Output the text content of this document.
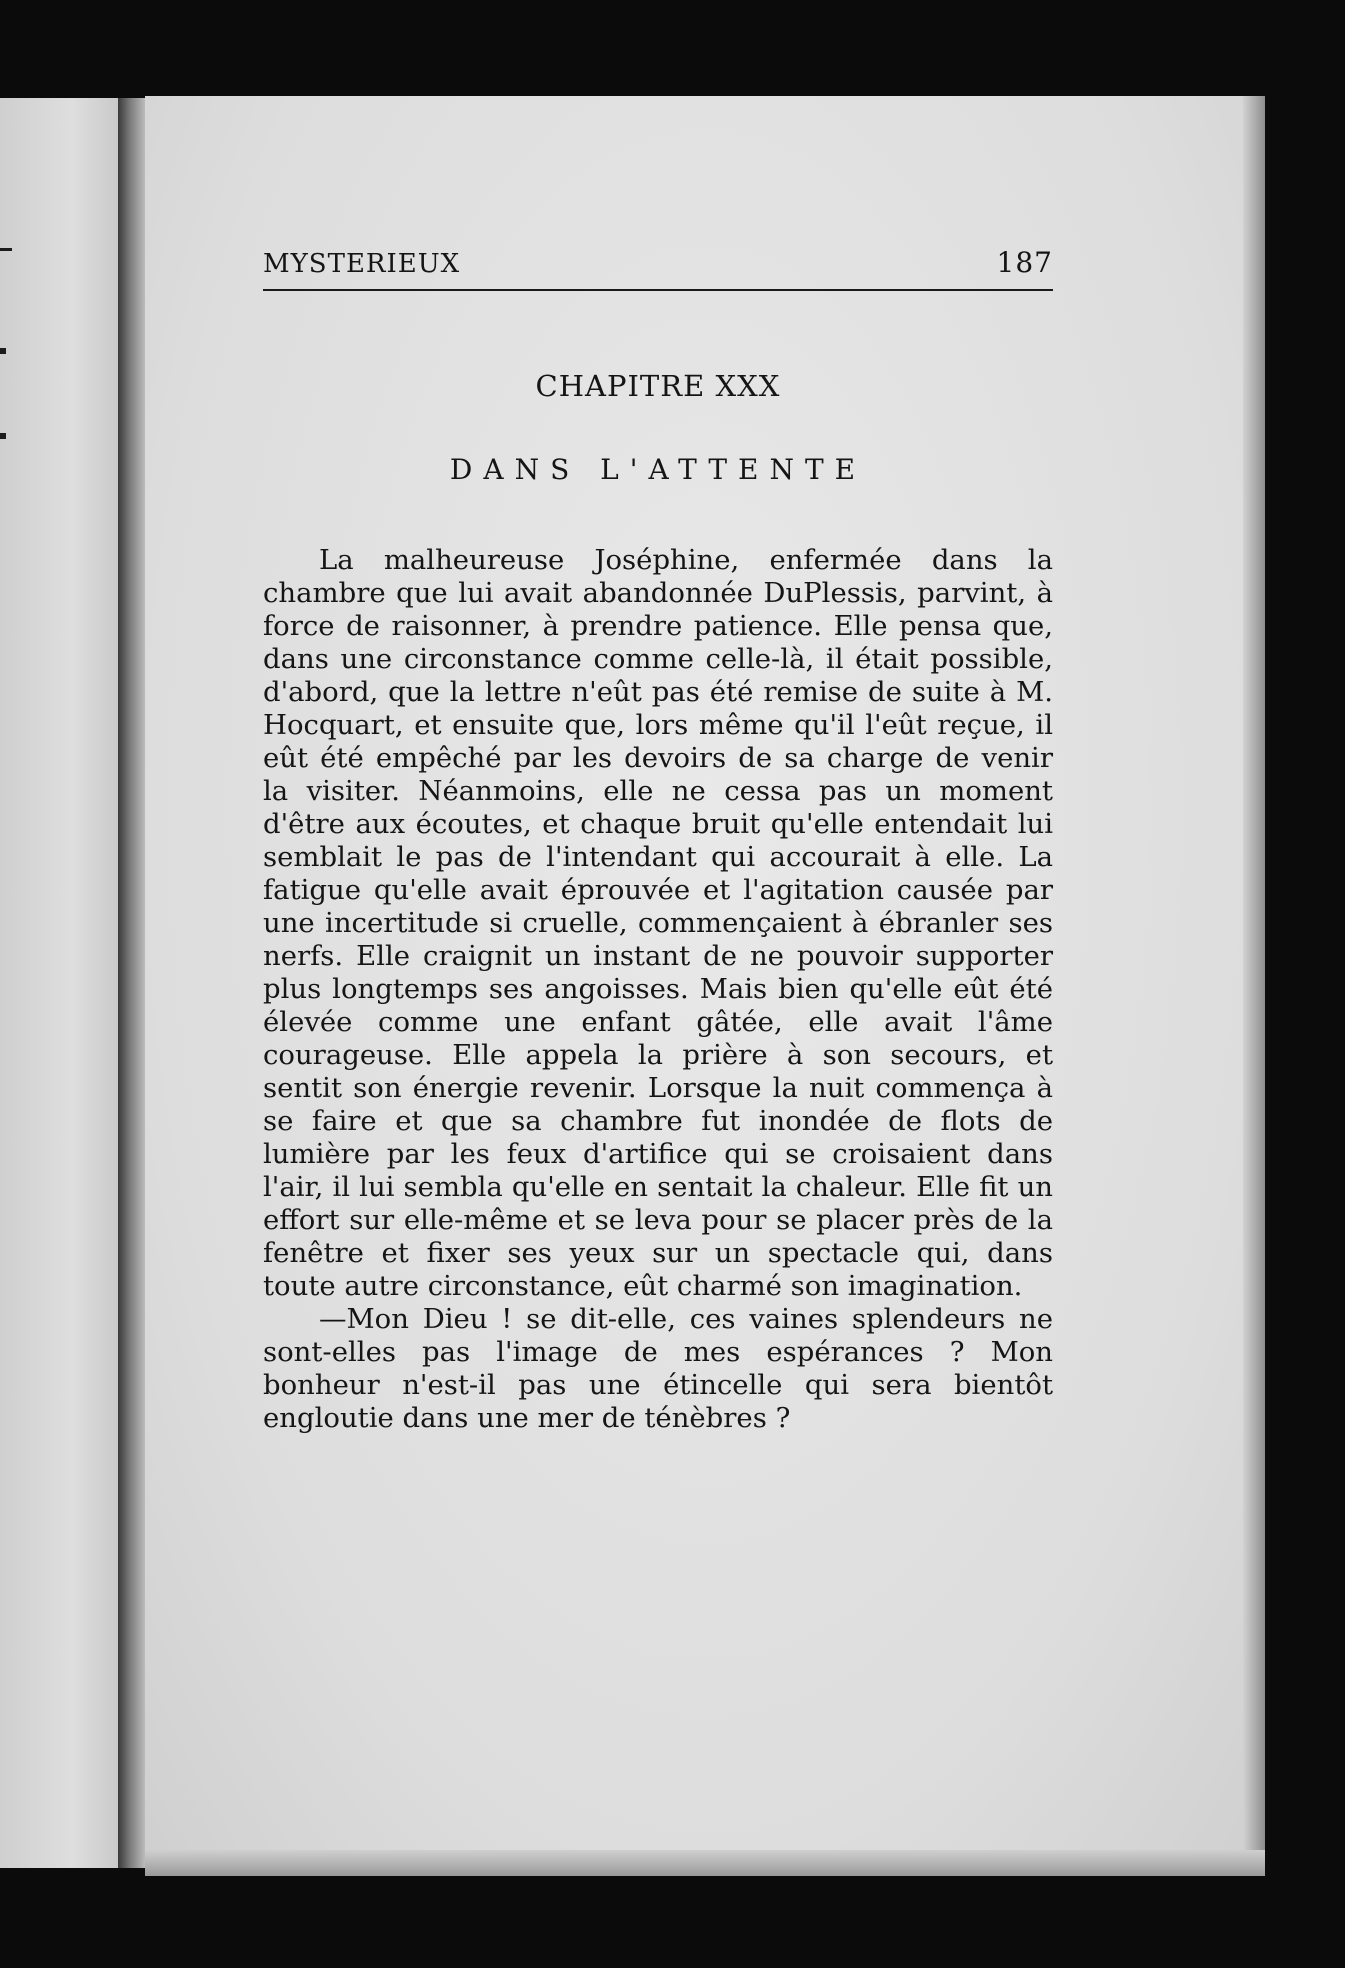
MYSTERIEUX	187
CHAPITRE XXX
DANS L'ATTENTE

La malheureuse Joséphine, enfermée dans la chambre que lui avait abandonnée DuPlessis, parvint, à force de raisonner, à prendre patience. Elle pensa que, dans une circonstance comme celle-là, il était possible, d'abord, que la lettre n'eût pas été remise de suite à M. Hocquart, et ensuite que, lors même qu'il l'eût reçue, il eût été empêché par les devoirs de sa charge de venir la visiter. Néanmoins, elle ne cessa pas un moment d'être aux écoutes, et chaque bruit qu'elle entendait lui semblait le pas de l'intendant qui accourait à elle. La fatigue qu'elle avait éprouvée et l'agitation causée par une incertitude si cruelle, commençaient à ébranler ses nerfs. Elle craignit un instant de ne pouvoir supporter plus longtemps ses angoisses. Mais bien qu'elle eût été élevée comme une enfant gâtée, elle avait l'âme courageuse. Elle appela la prière à son secours, et sentit son énergie revenir. Lorsque la nuit commença à se faire et que sa chambre fut inondée de flots de lumière par les feux d'artifice qui se croisaient dans l'air, il lui sembla qu'elle en sentait la chaleur. Elle fit un effort sur elle-même et se leva pour se placer près de la fenêtre et fixer ses yeux sur un spectacle qui, dans toute autre circonstance, eût charmé son imagination.

—Mon Dieu ! se dit-elle, ces vaines splendeurs ne sont-elles pas l'image de mes espérances ? Mon bonheur n'est-il pas une étincelle qui sera bientôt engloutie dans une mer de ténèbres ?
